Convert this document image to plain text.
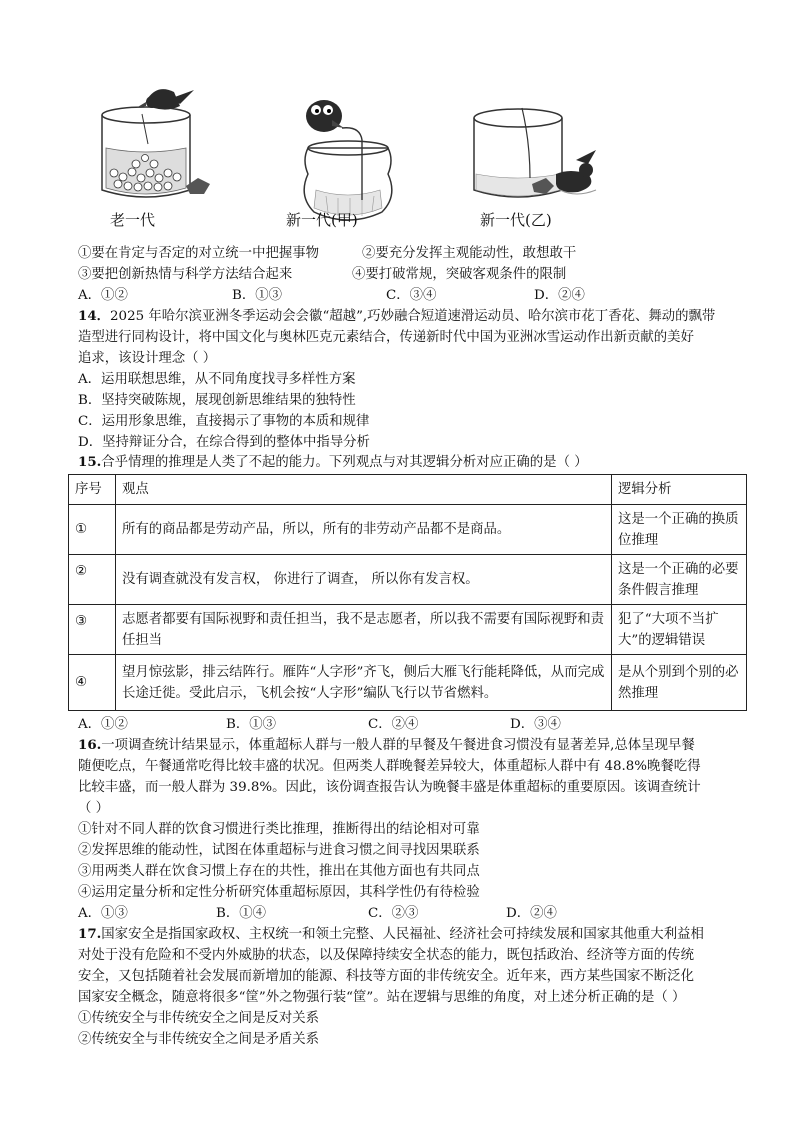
老一代	新一代(甲)	新一代(乙)
①要在肯定与否定的对立统一中把握事物	②要充分发挥主观能动性，敢想敢干
③要把创新热情与科学方法结合起来	④要打破常规，突破客观条件的限制
A．①②	B．①③	C．③④	D．②④
14．2025 年哈尔滨亚洲冬季运动会会徽“超越”,巧妙融合短道速滑运动员、哈尔滨市花丁香花、舞动的飘带
造型进行同构设计，将中国文化与奥林匹克元素结合，传递新时代中国为亚洲冰雪运动作出新贡献的美好
追求，该设计理念（ ）
A．运用联想思维，从不同角度找寻多样性方案
B．坚持突破陈规，展现创新思维结果的独特性
C．运用形象思维，直接揭示了事物的本质和规律
D．坚持辩证分合，在综合得到的整体中指导分析
15.合乎情理的推理是人类了不起的能力。下列观点与对其逻辑分析对应正确的是（ ）
序号	观点	逻辑分析
①	所有的商品都是劳动产品，所以，所有的非劳动产品都不是商品。	这是一个正确的换质位推理
②	没有调查就没有发言权， 你进行了调查， 所以你有发言权。	这是一个正确的必要条件假言推理
③	志愿者都要有国际视野和责任担当，我不是志愿者，所以我不需要有国际视野和责任担当	犯了“大项不当扩大”的逻辑错误
④	望月惊弦影，排云结阵行。雁阵“人字形”齐飞，侧后大雁飞行能耗降低，从而完成长途迁徙。受此启示，飞机会按“人字形”编队飞行以节省燃料。	是从个别到个别的必然推理
A．①②	B．①③	C．②④	D．③④
16.一项调查统计结果显示，体重超标人群与一般人群的早餐及午餐进食习惯没有显著差异,总体呈现早餐
随便吃点，午餐通常吃得比较丰盛的状况。但两类人群晚餐差异较大，体重超标人群中有 48.8%晚餐吃得
比较丰盛，而一般人群为 39.8%。因此，该份调查报告认为晚餐丰盛是体重超标的重要原因。该调查统计
（ ）
①针对不同人群的饮食习惯进行类比推理，推断得出的结论相对可靠
②发挥思维的能动性，试图在体重超标与进食习惯之间寻找因果联系
③用两类人群在饮食习惯上存在的共性，推出在其他方面也有共同点
④运用定量分析和定性分析研究体重超标原因，其科学性仍有待检验
A．①③	B．①④	C．②③	D．②④
17.国家安全是指国家政权、主权统一和领土完整、人民福祉、经济社会可持续发展和国家其他重大利益相
对处于没有危险和不受内外威胁的状态，以及保障持续安全状态的能力，既包括政治、经济等方面的传统
安全，又包括随着社会发展而新增加的能源、科技等方面的非传统安全。近年来，西方某些国家不断泛化
国家安全概念，随意将很多“筐”外之物强行装“筐”。站在逻辑与思维的角度，对上述分析正确的是（ ）
①传统安全与非传统安全之间是反对关系
②传统安全与非传统安全之间是矛盾关系
